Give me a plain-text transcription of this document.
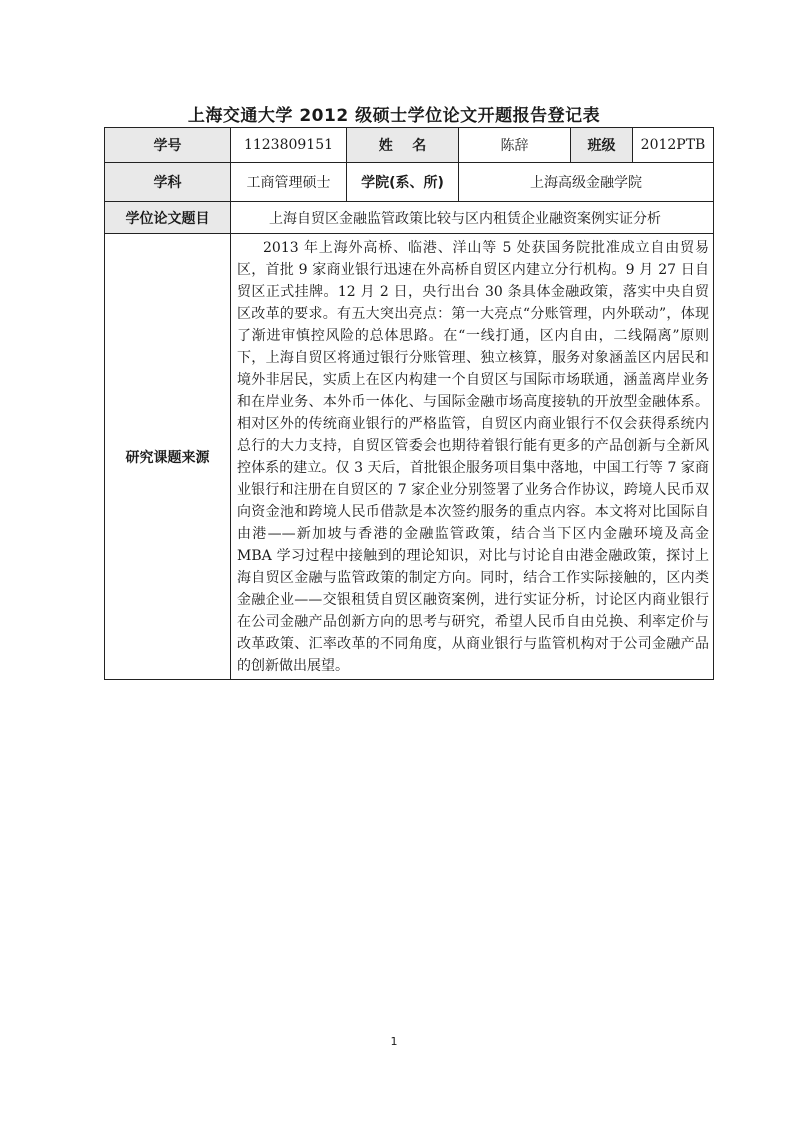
上海交通大学 2012 级硕士学位论文开题报告登记表
学号	1123809151	姓    名	陈辞	班级	2012PTB
学科	工商管理硕士	学院(系、所)	上海高级金融学院		
学位论文题目	上海自贸区金融监管政策比较与区内租赁企业融资案例实证分析				
研究课题来源	2013 年上海外高桥、临港、洋山等 5 处获国务院批准成立自由贸易区，首批 9 家商业银行迅速在外高桥自贸区内建立分行机构。9 月 27 日自贸区正式挂牌。12 月 2 日，央行出台 30 条具体金融政策，落实中央自贸区改革的要求。有五大突出亮点：第一大亮点“分账管理，内外联动”，体现了渐进审慎控风险的总体思路。在“一线打通，区内自由，二线隔离”原则下，上海自贸区将通过银行分账管理、独立核算，服务对象涵盖区内居民和境外非居民，实质上在区内构建一个自贸区与国际市场联通，涵盖离岸业务和在岸业务、本外币一体化、与国际金融市场高度接轨的开放型金融体系。相对区外的传统商业银行的严格监管，自贸区内商业银行不仅会获得系统内总行的大力支持，自贸区管委会也期待着银行能有更多的产品创新与全新风控体系的建立。仅 3 天后，首批银企服务项目集中落地，中国工行等 7 家商业银行和注册在自贸区的 7 家企业分别签署了业务合作协议，跨境人民币双向资金池和跨境人民币借款是本次签约服务的重点内容。本文将对比国际自由港——新加坡与香港的金融监管政策，结合当下区内金融环境及高金 MBA 学习过程中接触到的理论知识，对比与讨论自由港金融政策，探讨上海自贸区金融与监管政策的制定方向。同时，结合工作实际接触的，区内类金融企业——交银租赁自贸区融资案例，进行实证分析，讨论区内商业银行在公司金融产品创新方向的思考与研究，希望人民币自由兑换、利率定价与改革政策、汇率改革的不同角度，从商业银行与监管机构对于公司金融产品的创新做出展望。				

1
